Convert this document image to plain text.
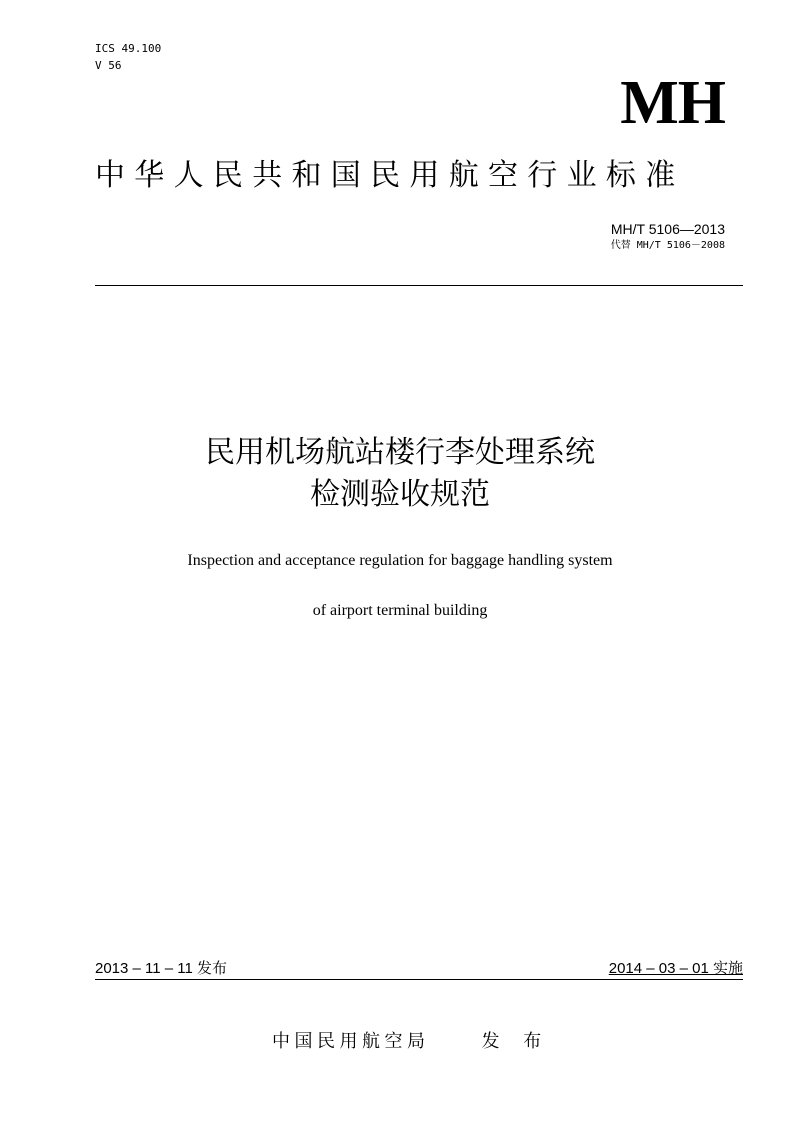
ICS 49.100
V 56
MH
中华人民共和国民用航空行业标准
MH/T 5106—2013
代替 MH/T 5106－2008
民用机场航站楼行李处理系统
检测验收规范
Inspection and acceptance regulation for baggage handling system
of airport terminal building
2013 – 11 – 11 发布	2014 – 03 – 01 实施
中国民用航空局	发 布
